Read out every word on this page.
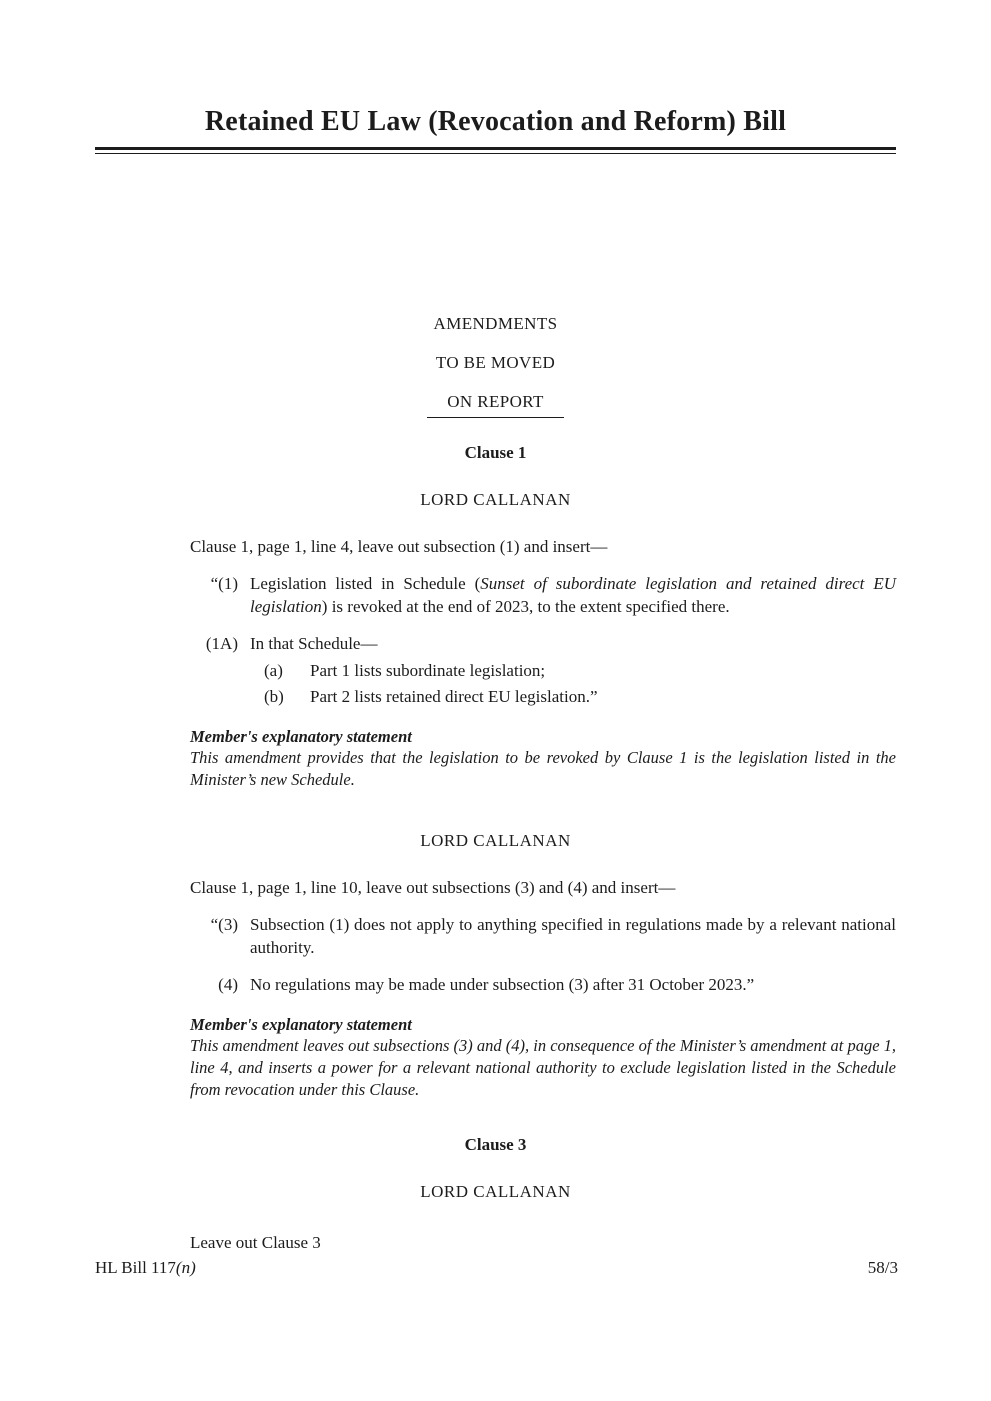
Retained EU Law (Revocation and Reform) Bill
AMENDMENTS
TO BE MOVED
ON REPORT
Clause 1
LORD CALLANAN

Clause 1, page 1, line 4, leave out subsection (1) and insert—

“(1) Legislation listed in Schedule (Sunset of subordinate legislation and retained direct EU legislation) is revoked at the end of 2023, to the extent specified there.
(1A) In that Schedule—
(a)	Part 1 lists subordinate legislation;
(b)	Part 2 lists retained direct EU legislation.”
Member's explanatory statement
This amendment provides that the legislation to be revoked by Clause 1 is the legislation listed in the Minister’s new Schedule.
LORD CALLANAN

Clause 1, page 1, line 10, leave out subsections (3) and (4) and insert—

“(3) Subsection (1) does not apply to anything specified in regulations made by a relevant national authority.
(4) No regulations may be made under subsection (3) after 31 October 2023.”
Member's explanatory statement
This amendment leaves out subsections (3) and (4), in consequence of the Minister’s amendment at page 1, line 4, and inserts a power for a relevant national authority to exclude legislation listed in the Schedule from revocation under this Clause.
Clause 3
LORD CALLANAN

Leave out Clause 3

HL Bill 117(n)	58/3
